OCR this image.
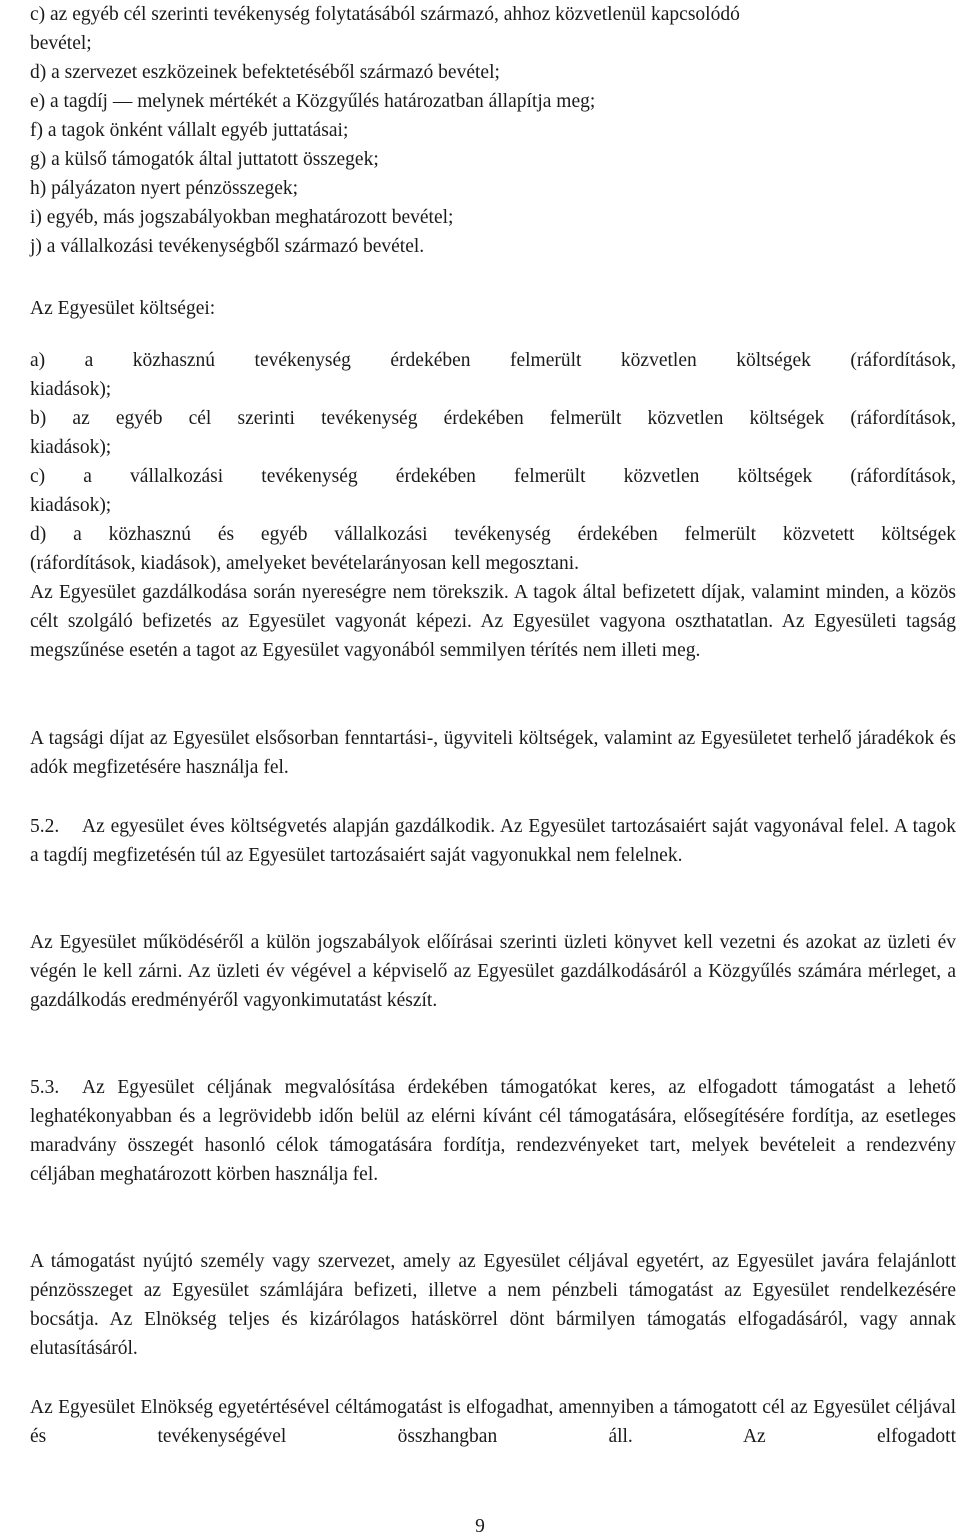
c) az egyéb cél szerinti tevékenység folytatásából származó, ahhoz közvetlenül kapcsolódó
bevétel;
d) a szervezet eszközeinek befektetéséből származó bevétel;
e) a tagdíj — melynek mértékét a Közgyűlés határozatban állapítja meg;
f) a tagok önként vállalt egyéb juttatásai;
g) a külső támogatók által juttatott összegek;
h) pályázaton nyert pénzösszegek;
i) egyéb, más jogszabályokban meghatározott bevétel;
j) a vállalkozási tevékenységből származó bevétel.
Az Egyesület költségei:
a) a közhasznú tevékenység érdekében felmerült közvetlen költségek (ráfordítások,
kiadások);
b) az egyéb cél szerinti tevékenység érdekében felmerült közvetlen költségek (ráfordítások,
kiadások);
c) a vállalkozási tevékenység érdekében felmerült közvetlen költségek (ráfordítások,
kiadások);
d) a közhasznú és egyéb vállalkozási tevékenység érdekében felmerült közvetett költségek
(ráfordítások, kiadások), amelyeket bevételarányosan kell megosztani.
Az Egyesület gazdálkodása során nyereségre nem törekszik. A tagok által befizetett díjak, valamint minden, a közös célt szolgáló befizetés az Egyesület vagyonát képezi. Az Egyesület vagyona oszthatatlan. Az Egyesületi tagság megszűnése esetén a tagot az Egyesület vagyonából semmilyen térítés nem illeti meg.
A tagsági díjat az Egyesület elsősorban fenntartási-, ügyviteli költségek, valamint az Egyesületet terhelő járadékok és adók megfizetésére használja fel.
5.2. Az egyesület éves költségvetés alapján gazdálkodik. Az Egyesület tartozásaiért saját vagyonával felel. A tagok a tagdíj megfizetésén túl az Egyesület tartozásaiért saját vagyonukkal nem felelnek.
Az Egyesület működéséről a külön jogszabályok előírásai szerinti üzleti könyvet kell vezetni és azokat az üzleti év végén le kell zárni. Az üzleti év végével a képviselő az Egyesület gazdálkodásáról a Közgyűlés számára mérleget, a gazdálkodás eredményéről vagyonkimutatást készít.
5.3. Az Egyesület céljának megvalósítása érdekében támogatókat keres, az elfogadott támogatást a lehető leghatékonyabban és a legrövidebb időn belül az elérni kívánt cél támogatására, elősegítésére fordítja, az esetleges maradvány összegét hasonló célok támogatására fordítja, rendezvényeket tart, melyek bevételeit a rendezvény céljában meghatározott körben használja fel.
A támogatást nyújtó személy vagy szervezet, amely az Egyesület céljával egyetért, az Egyesület javára felajánlott pénzösszeget az Egyesület számlájára befizeti, illetve a nem pénzbeli támogatást az Egyesület rendelkezésére bocsátja. Az Elnökség teljes és kizárólagos hatáskörrel dönt bármilyen támogatás elfogadásáról, vagy annak elutasításáról.
Az Egyesület Elnökség egyetértésével céltámogatást is elfogadhat, amennyiben a támogatott cél az Egyesület céljával és tevékenységével összhangban áll. Az elfogadott
9
